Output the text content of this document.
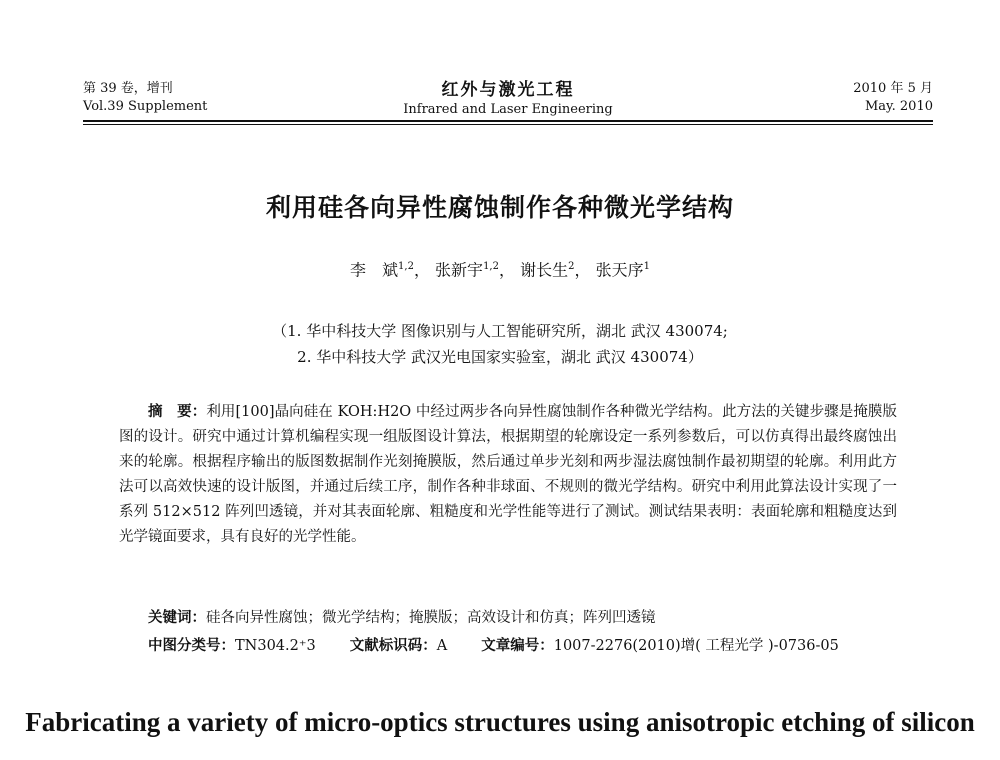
第 39 卷，增刊
Vol.39 Supplement
红外与激光工程
Infrared and Laser Engineering
2010 年 5 月
May. 2010
利用硅各向异性腐蚀制作各种微光学结构
李　斌$^{1,2}$， 张新宇$^{1,2}$， 谢长生$^2$， 张天序$^1$
（1. 华中科技大学 图像识别与人工智能研究所，湖北 武汉 430074;
2. 华中科技大学 武汉光电国家实验室，湖北 武汉 430074）
摘　要：利用[100]晶向硅在 KOH:H2O 中经过两步各向异性腐蚀制作各种微光学结构。此方法的关键步骤是掩膜版图的设计。研究中通过计算机编程实现一组版图设计算法，根据期望的轮廓设定一系列参数后，可以仿真得出最终腐蚀出来的轮廓。根据程序输出的版图数据制作光刻掩膜版，然后通过单步光刻和两步湿法腐蚀制作最初期望的轮廓。利用此方法可以高效快速的设计版图，并通过后续工序，制作各种非球面、不规则的微光学结构。研究中利用此算法设计实现了一系列 512×512 阵列凹透镜，并对其表面轮廓、粗糙度和光学性能等进行了测试。测试结果表明：表面轮廓和粗糙度达到光学镜面要求，具有良好的光学性能。
关键词：硅各向异性腐蚀；微光学结构；掩膜版；高效设计和仿真；阵列凹透镜
中图分类号：TN304.2⁺3 文献标识码：A 文章编号：1007-2276(2010)增( 工程光学 )-0736-05
Fabricating a variety of micro-optics structures using anisotropic etching of silicon
